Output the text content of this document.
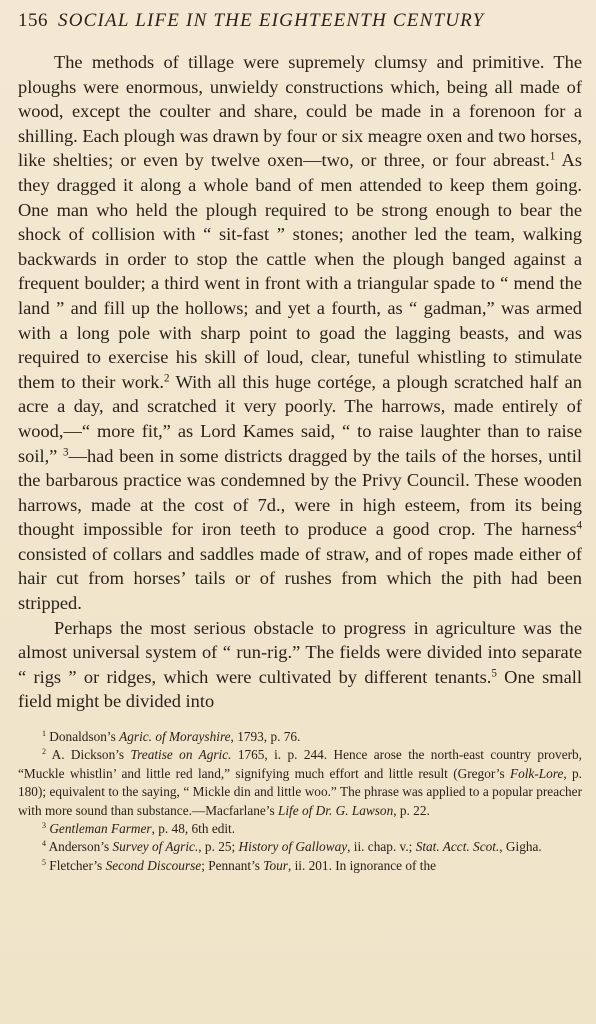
156 SOCIAL LIFE IN THE EIGHTEENTH CENTURY

The methods of tillage were supremely clumsy and primitive. The ploughs were enormous, unwieldy constructions which, being all made of wood, except the coulter and share, could be made in a forenoon for a shilling. Each plough was drawn by four or six meagre oxen and two horses, like shelties; or even by twelve oxen—two, or three, or four abreast.$^1$ As they dragged it along a whole band of men attended to keep them going. One man who held the plough required to be strong enough to bear the shock of collision with “ sit-fast ” stones; another led the team, walking backwards in order to stop the cattle when the plough banged against a frequent boulder; a third went in front with a triangular spade to “ mend the land ” and fill up the hollows; and yet a fourth, as “ gadman,” was armed with a long pole with sharp point to goad the lagging beasts, and was required to exercise his skill of loud, clear, tuneful whistling to stimulate them to their work.$^2$ With all this huge cortége, a plough scratched half an acre a day, and scratched it very poorly. The harrows, made entirely of wood,—“ more fit,” as Lord Kames said, “ to raise laughter than to raise soil,” $^3$—had been in some districts dragged by the tails of the horses, until the barbarous practice was condemned by the Privy Council. These wooden harrows, made at the cost of 7d., were in high esteem, from its being thought impossible for iron teeth to produce a good crop. The harness$^4$ consisted of collars and saddles made of straw, and of ropes made either of hair cut from horses’ tails or of rushes from which the pith had been stripped.

Perhaps the most serious obstacle to progress in agriculture was the almost universal system of “ run-rig.” The fields were divided into separate “ rigs ” or ridges, which were cultivated by different tenants.$^5$ One small field might be divided into

$^1$ Donaldson’s Agric. of Morayshire, 1793, p. 76.

$^2$ A. Dickson’s Treatise on Agric. 1765, i. p. 244. Hence arose the north-east country proverb, “Muckle whistlin’ and little red land,” signifying much effort and little result (Gregor’s Folk-Lore, p. 180); equivalent to the saying, “ Mickle din and little woo.” The phrase was applied to a popular preacher with more sound than substance.—Macfarlane’s Life of Dr. G. Lawson, p. 22.

$^3$ Gentleman Farmer, p. 48, 6th edit.

$^4$ Anderson’s Survey of Agric., p. 25; History of Galloway, ii. chap. v.; Stat. Acct. Scot., Gigha.

$^5$ Fletcher’s Second Discourse; Pennant’s Tour, ii. 201. In ignorance of the
